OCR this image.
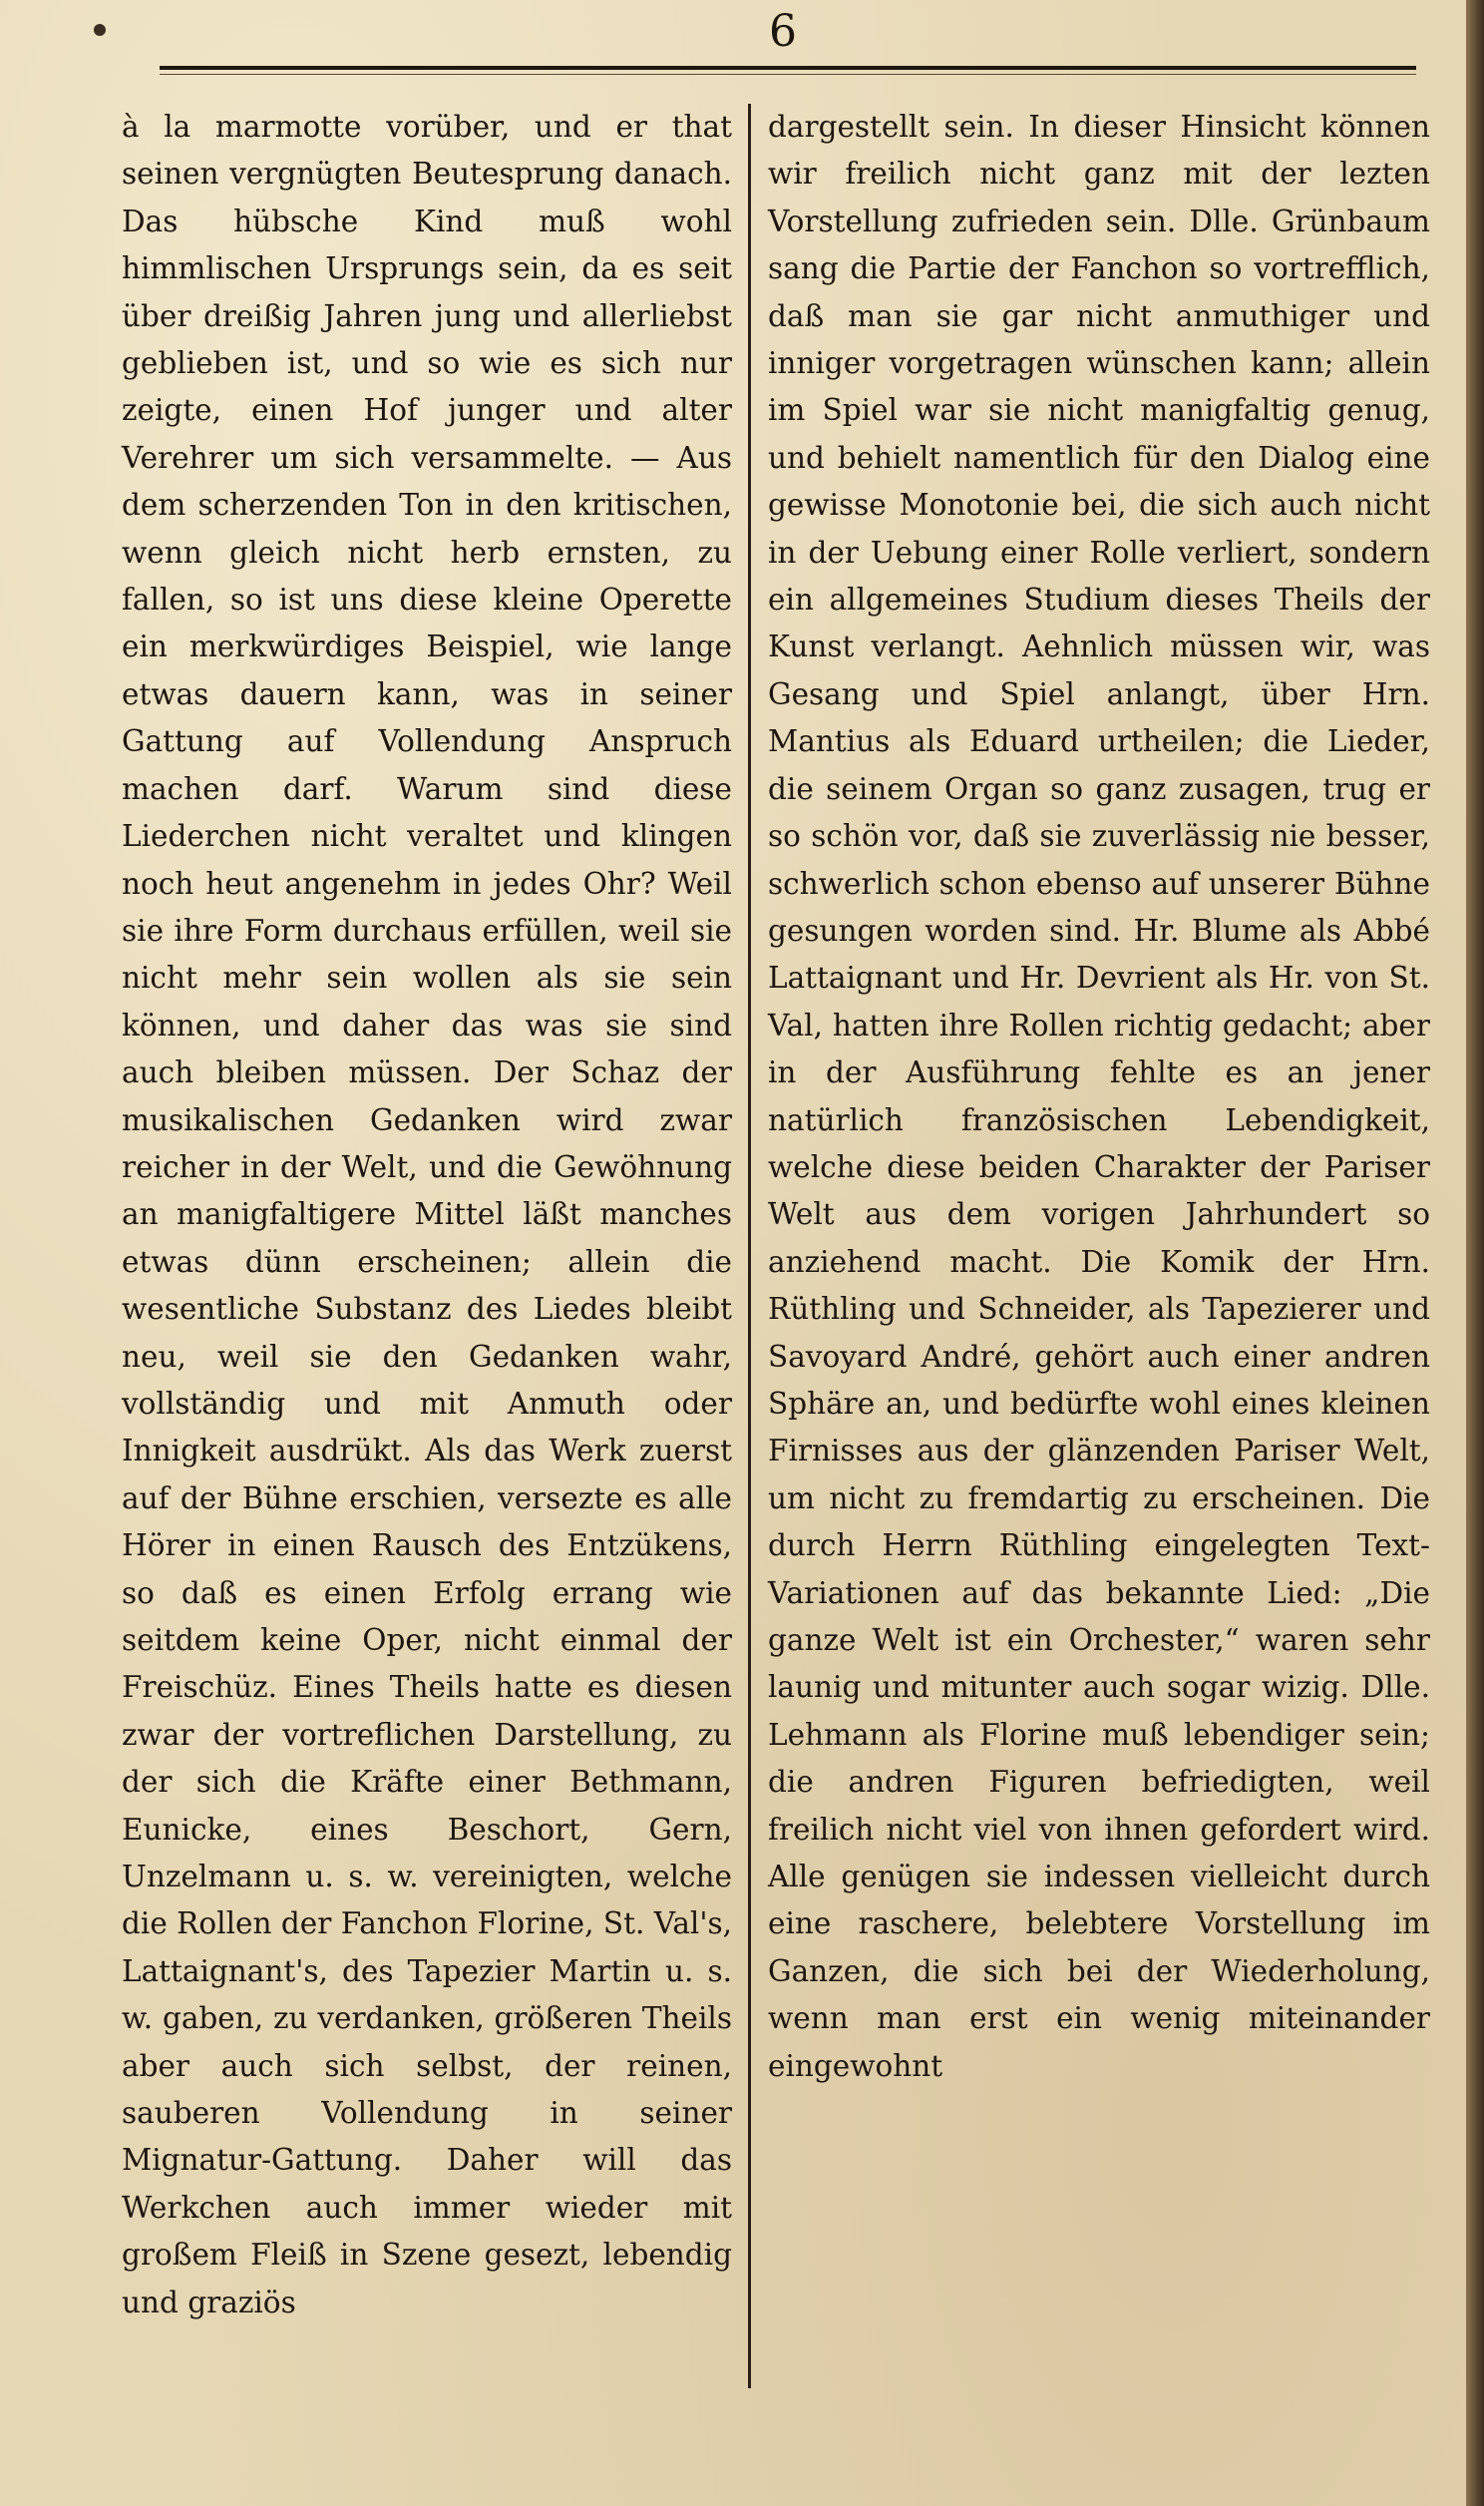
6

à la marmotte vorüber, und er that seinen vergnügten Beutesprung danach. Das hübsche Kind muß wohl himmlischen Ursprungs sein, da es seit über dreißig Jahren jung und allerliebst geblieben ist, und so wie es sich nur zeigte, einen Hof junger und alter Verehrer um sich versammelte. — Aus dem scherzenden Ton in den kritischen, wenn gleich nicht herb ernsten, zu fallen, so ist uns diese kleine Operette ein merkwürdiges Beispiel, wie lange etwas dauern kann, was in seiner Gattung auf Vollendung Anspruch machen darf. Warum sind diese Liederchen nicht veraltet und klingen noch heut angenehm in jedes Ohr? Weil sie ihre Form durchaus erfüllen, weil sie nicht mehr sein wollen als sie sein können, und daher das was sie sind auch bleiben müssen. Der Schaz der musikalischen Gedanken wird zwar reicher in der Welt, und die Gewöhnung an manigfaltigere Mittel läßt manches etwas dünn erscheinen; allein die wesentliche Substanz des Liedes bleibt neu, weil sie den Gedanken wahr, vollständig und mit Anmuth oder Innigkeit ausdrükt. Als das Werk zuerst auf der Bühne erschien, versezte es alle Hörer in einen Rausch des Entzükens, so daß es einen Erfolg errang wie seitdem keine Oper, nicht einmal der Freischüz. Eines Theils hatte es diesen zwar der vortreflichen Darstellung, zu der sich die Kräfte einer Bethmann, Eunicke, eines Beschort, Gern, Unzelmann u. s. w. vereinigten, welche die Rollen der Fanchon Florine, St. Val's, Lattaignant's, des Tapezier Martin u. s. w. gaben, zu verdanken, größeren Theils aber auch sich selbst, der reinen, sauberen Vollendung in seiner Mignatur-Gattung. Daher will das Werkchen auch immer wieder mit großem Fleiß in Szene gesezt, lebendig und graziös

dargestellt sein. In dieser Hinsicht können wir freilich nicht ganz mit der lezten Vorstellung zufrieden sein. Dlle. Grünbaum sang die Partie der Fanchon so vortrefflich, daß man sie gar nicht anmuthiger und inniger vorgetragen wünschen kann; allein im Spiel war sie nicht manigfaltig genug, und behielt namentlich für den Dialog eine gewisse Monotonie bei, die sich auch nicht in der Uebung einer Rolle verliert, sondern ein allgemeines Studium dieses Theils der Kunst verlangt. Aehnlich müssen wir, was Gesang und Spiel anlangt, über Hrn. Mantius als Eduard urtheilen; die Lieder, die seinem Organ so ganz zusagen, trug er so schön vor, daß sie zuverlässig nie besser, schwerlich schon ebenso auf unserer Bühne gesungen worden sind. Hr. Blume als Abbé Lattaignant und Hr. Devrient als Hr. von St. Val, hatten ihre Rollen richtig gedacht; aber in der Ausführung fehlte es an jener natürlich französischen Lebendigkeit, welche diese beiden Charakter der Pariser Welt aus dem vorigen Jahrhundert so anziehend macht. Die Komik der Hrn. Rüthling und Schneider, als Tapezierer und Savoyard André, gehört auch einer andren Sphäre an, und bedürfte wohl eines kleinen Firnisses aus der glänzenden Pariser Welt, um nicht zu fremdartig zu erscheinen. Die durch Herrn Rüthling eingelegten Text-Variationen auf das bekannte Lied: „Die ganze Welt ist ein Orchester,“ waren sehr launig und mitunter auch sogar wizig. Dlle. Lehmann als Florine muß lebendiger sein; die andren Figuren befriedigten, weil freilich nicht viel von ihnen gefordert wird. Alle genügen sie indessen vielleicht durch eine raschere, belebtere Vorstellung im Ganzen, die sich bei der Wiederholung, wenn man erst ein wenig miteinander eingewohnt
